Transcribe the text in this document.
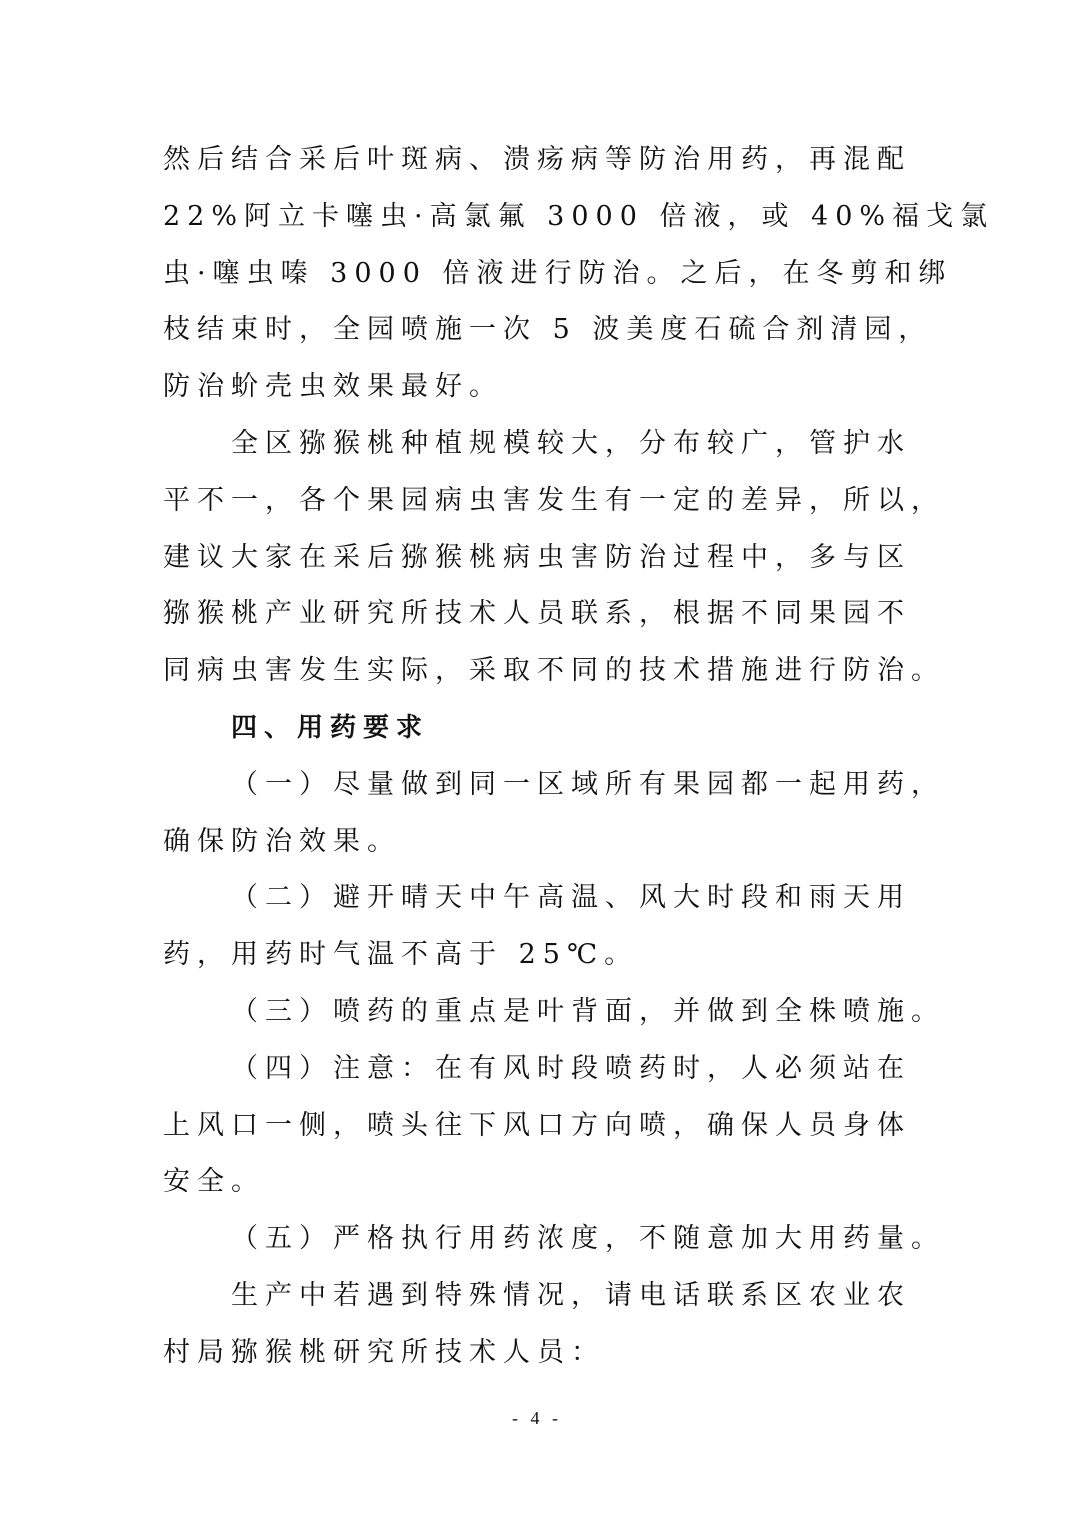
然后结合采后叶斑病、溃疡病等防治用药，再混配
22%阿立卡噻虫·高氯氟 3000 倍液，或 40%福戈氯
虫·噻虫嗪 3000 倍液进行防治。之后，在冬剪和绑
枝结束时，全园喷施一次 5 波美度石硫合剂清园，
防治蚧壳虫效果最好。
全区猕猴桃种植规模较大，分布较广，管护水
平不一，各个果园病虫害发生有一定的差异，所以，
建议大家在采后猕猴桃病虫害防治过程中，多与区
猕猴桃产业研究所技术人员联系，根据不同果园不
同病虫害发生实际，采取不同的技术措施进行防治。
四、用药要求
（一）尽量做到同一区域所有果园都一起用药，
确保防治效果。
（二）避开晴天中午高温、风大时段和雨天用
药，用药时气温不高于 25℃。
（三）喷药的重点是叶背面，并做到全株喷施。
（四）注意：在有风时段喷药时，人必须站在
上风口一侧，喷头往下风口方向喷，确保人员身体
安全。
（五）严格执行用药浓度，不随意加大用药量。
生产中若遇到特殊情况，请电话联系区农业农
村局猕猴桃研究所技术人员：
- 4 -
